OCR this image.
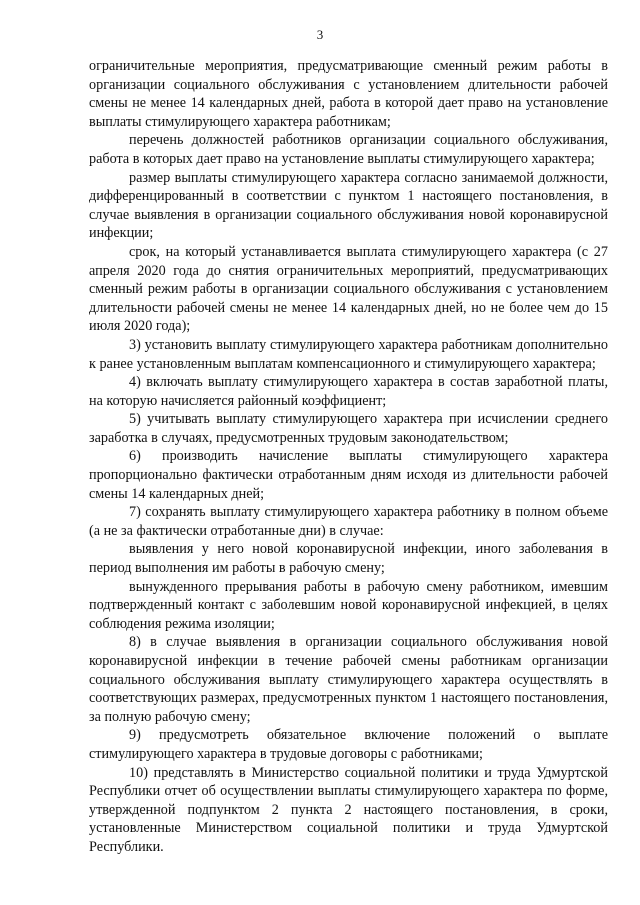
3

ограничительные мероприятия, предусматривающие сменный режим работы в организации социального обслуживания с установлением длительности рабочей смены не менее 14 календарных дней, работа в которой дает право на установление выплаты стимулирующего характера работникам;

перечень должностей работников организации социального обслуживания, работа в которых дает право на установление выплаты стимулирующего характера;

размер выплаты стимулирующего характера согласно занимаемой должности, дифференцированный в соответствии с пунктом 1 настоящего постановления, в случае выявления в организации социального обслуживания новой коронавирусной инфекции;

срок, на который устанавливается выплата стимулирующего характера (с 27 апреля 2020 года до снятия ограничительных мероприятий, предусматривающих сменный режим работы в организации социального обслуживания с установлением длительности рабочей смены не менее 14 календарных дней, но не более чем до 15 июля 2020 года);

3) установить выплату стимулирующего характера работникам дополнительно к ранее установленным выплатам компенсационного и стимулирующего характера;

4) включать выплату стимулирующего характера в состав заработной платы, на которую начисляется районный коэффициент;

5) учитывать выплату стимулирующего характера при исчислении среднего заработка в случаях, предусмотренных трудовым законодательством;

6) производить начисление выплаты стимулирующего характера пропорционально фактически отработанным дням исходя из длительности рабочей смены 14 календарных дней;

7) сохранять выплату стимулирующего характера работнику в полном объеме (а не за фактически отработанные дни) в случае:

выявления у него новой коронавирусной инфекции, иного заболевания в период выполнения им работы в рабочую смену;

вынужденного прерывания работы в рабочую смену работником, имевшим подтвержденный контакт с заболевшим новой коронавирусной инфекцией, в целях соблюдения режима изоляции;

8) в случае выявления в организации социального обслуживания новой коронавирусной инфекции в течение рабочей смены работникам организации социального обслуживания выплату стимулирующего характера осуществлять в соответствующих размерах, предусмотренных пунктом 1 настоящего постановления, за полную рабочую смену;

9) предусмотреть обязательное включение положений о выплате стимулирующего характера в трудовые договоры с работниками;

10) представлять в Министерство социальной политики и труда Удмуртской Республики отчет об осуществлении выплаты стимулирующего характера по форме, утвержденной подпунктом 2 пункта 2 настоящего постановления, в сроки, установленные Министерством социальной политики и труда Удмуртской Республики.
